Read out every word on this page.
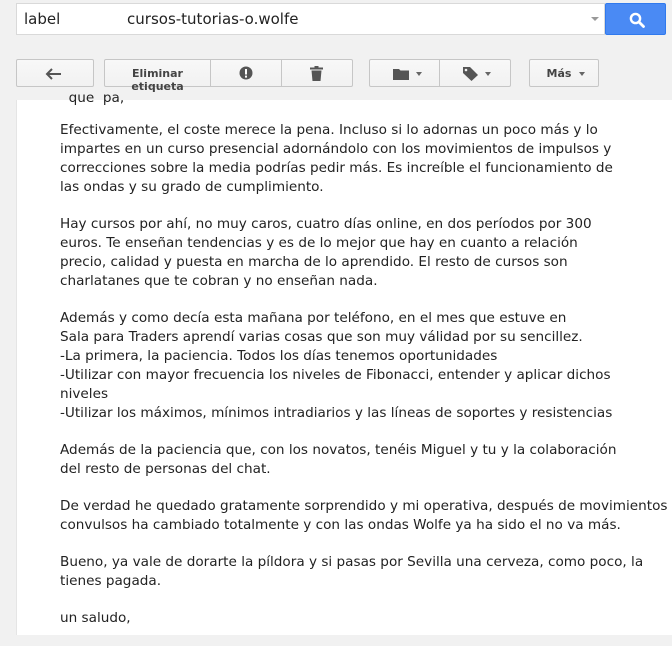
label              cursos-tutorias-o.wolfe
Eliminar etiqueta
Más
que  pa,
Efectivamente, el coste merece la pena. Incluso si lo adornas un poco más y lo
impartes en un curso presencial adornándolo con los movimientos de impulsos y
correcciones sobre la media podrías pedir más. Es increíble el funcionamiento de
las ondas y su grado de cumplimiento.
Hay cursos por ahí, no muy caros, cuatro días online, en dos períodos por 300
euros. Te enseñan tendencias y es de lo mejor que hay en cuanto a relación
precio, calidad y puesta en marcha de lo aprendido. El resto de cursos son
charlatanes que te cobran y no enseñan nada.
Además y como decía esta mañana por teléfono, en el mes que estuve en
Sala para Traders aprendí varias cosas que son muy válidad por su sencillez.
-La primera, la paciencia. Todos los días tenemos oportunidades
-Utilizar con mayor frecuencia los niveles de Fibonacci, entender y aplicar dichos
niveles
-Utilizar los máximos, mínimos intradiarios y las líneas de soportes y resistencias
Además de la paciencia que, con los novatos, tenéis Miguel y tu y la colaboración
del resto de personas del chat.
De verdad he quedado gratamente sorprendido y mi operativa, después de movimientos
convulsos ha cambiado totalmente y con las ondas Wolfe ya ha sido el no va más.
Bueno, ya vale de dorarte la píldora y si pasas por Sevilla una cerveza, como poco, la
tienes pagada.
un saludo,
